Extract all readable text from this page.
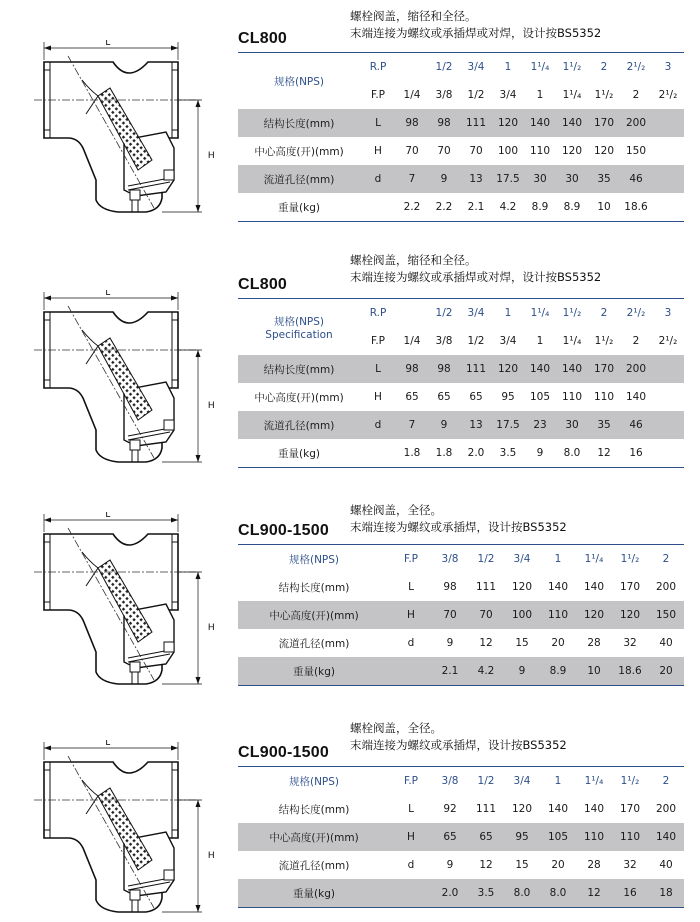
L
H
螺栓阀盖，缩径和全径。
末端连接为螺纹或承插焊或对焊，设计按BS5352
CL800
规格(NPS)	R.P		1/2	3/4	1	1¹/₄	1¹/₂	2	2¹/₂	3
	F.P	1/4	3/8	1/2	3/4	1	1¹/₄	1¹/₂	2	2¹/₂
结构长度(mm)	L	98	98	111	120	140	140	170	200	
中心高度(开)(mm)	H	70	70	70	100	110	120	120	150	
流道孔径(mm)	d	7	9	13	17.5	30	30	35	46	
重量(kg)		2.2	2.2	2.1	4.2	8.9	8.9	10	18.6	
L
H
螺栓阀盖，缩径和全径。
末端连接为螺纹或承插焊或对焊，设计按BS5352
CL800
规格(NPS)
Specification	R.P		1/2	3/4	1	1¹/₄	1¹/₂	2	2¹/₂	3
	F.P	1/4	3/8	1/2	3/4	1	1¹/₄	1¹/₂	2	2¹/₂
结构长度(mm)	L	98	98	111	120	140	140	170	200	
中心高度(开)(mm)	H	65	65	65	95	105	110	110	140	
流道孔径(mm)	d	7	9	13	17.5	23	30	35	46	
重量(kg)		1.8	1.8	2.0	3.5	9	8.0	12	16	
L
H
螺栓阀盖，全径。
末端连接为螺纹或承插焊，设计按BS5352
CL900-1500
规格(NPS)	F.P	3/8	1/2	3/4	1	1¹/₄	1¹/₂	2
结构长度(mm)	L	98	111	120	140	140	170	200
中心高度(开)(mm)	H	70	70	100	110	120	120	150
流道孔径(mm)	d	9	12	15	20	28	32	40
重量(kg)		2.1	4.2	9	8.9	10	18.6	20
L
H
螺栓阀盖，全径。
末端连接为螺纹或承插焊，设计按BS5352
CL900-1500
规格(NPS)	F.P	3/8	1/2	3/4	1	1¹/₄	1¹/₂	2
结构长度(mm)	L	92	111	120	140	140	170	200
中心高度(开)(mm)	H	65	65	95	105	110	110	140
流道孔径(mm)	d	9	12	15	20	28	32	40
重量(kg)		2.0	3.5	8.0	8.0	12	16	18
